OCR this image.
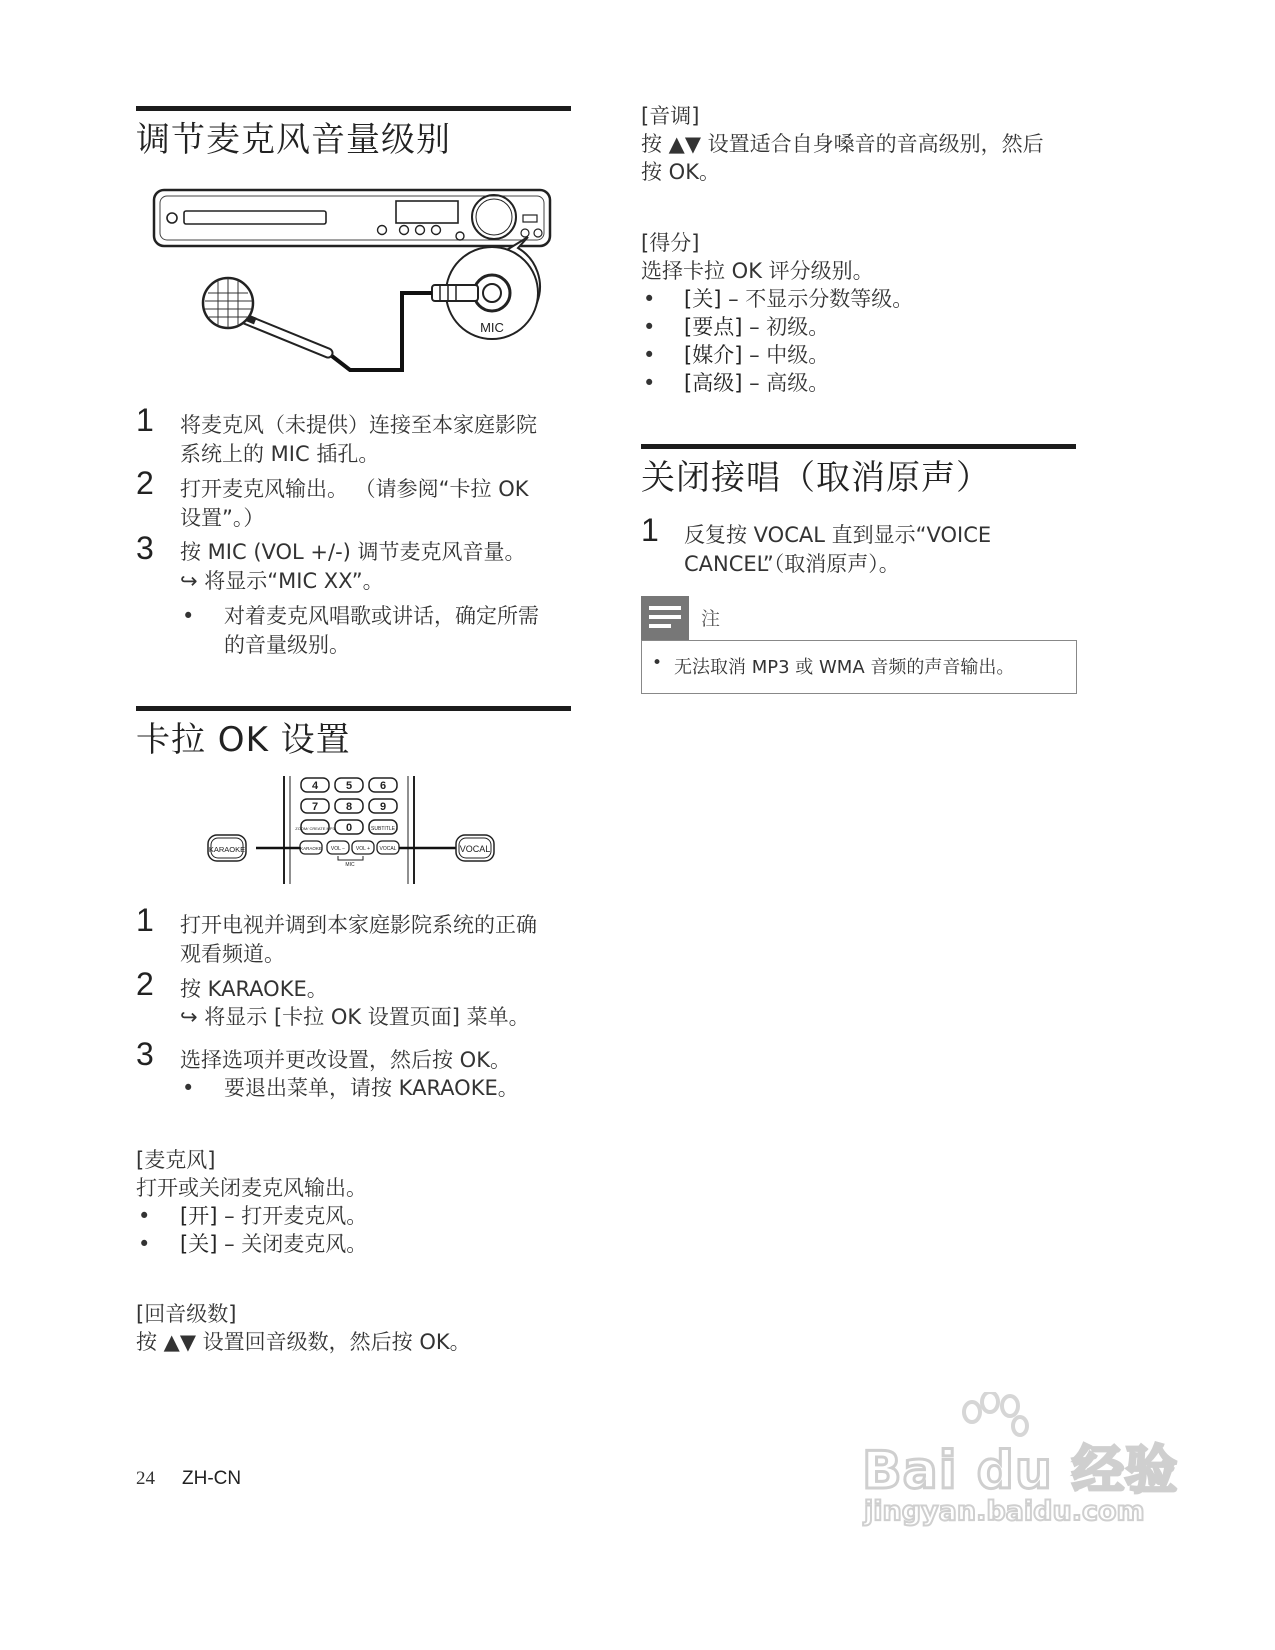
调节麦克风音量级别
MIC
1 将麦克风（未提供）连接至本家庭影院
系统上的 MIC 插孔。
2 打开麦克风输出。 （请参阅“卡拉 OK
设置”。）
3 按 MIC (VOL +/-) 调节麦克风音量。
↪ 将显示“MIC XX”。
• 对着麦克风唱歌或讲话，确定所需
的音量级别。
卡拉 OK 设置
4	5	6
7	8	9
0
ZOOM/ CREATE MP3	SUBTITLE
KARAOKE VOL − VOL + VOCAL
MIC
KARAOKE	VOCAL
1 打开电视并调到本家庭影院系统的正确
观看频道。
2 按 KARAOKE。
↪ 将显示 [卡拉 OK 设置页面] 菜单。
3 选择选项并更改设置，然后按 OK。
• 要退出菜单，请按 KARAOKE。
[麦克风]
打开或关闭麦克风输出。
• [开] – 打开麦克风。
• [关] – 关闭麦克风。
[回音级数]
按 ▲▼ 设置回音级数，然后按 OK。
[音调]
按 ▲▼ 设置适合自身嗓音的音高级别，然后
按 OK。
[得分]
选择卡拉 OK 评分级别。
• [关] – 不显示分数等级。
• [要点] – 初级。
• [媒介] – 中级。
• [高级] – 高级。
关闭接唱（取消原声）
1 反复按 VOCAL 直到显示“VOICE
CANCEL”（取消原声）。
注
• 无法取消 MP3 或 WMA 音频的声音输出。
24 ZH-CN	Bai du 经验
jingyan.baidu.com
